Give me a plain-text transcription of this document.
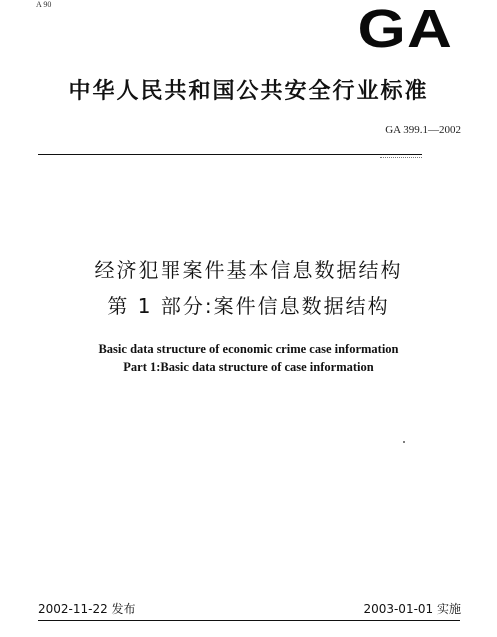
A 90	GA
中华人民共和国公共安全行业标准
GA 399.1—2002
经济犯罪案件基本信息数据结构
第 1 部分:案件信息数据结构
Basic data structure of economic crime case information
Part 1:Basic data structure of case information
2002-11-22 发布	2003-01-01 实施
